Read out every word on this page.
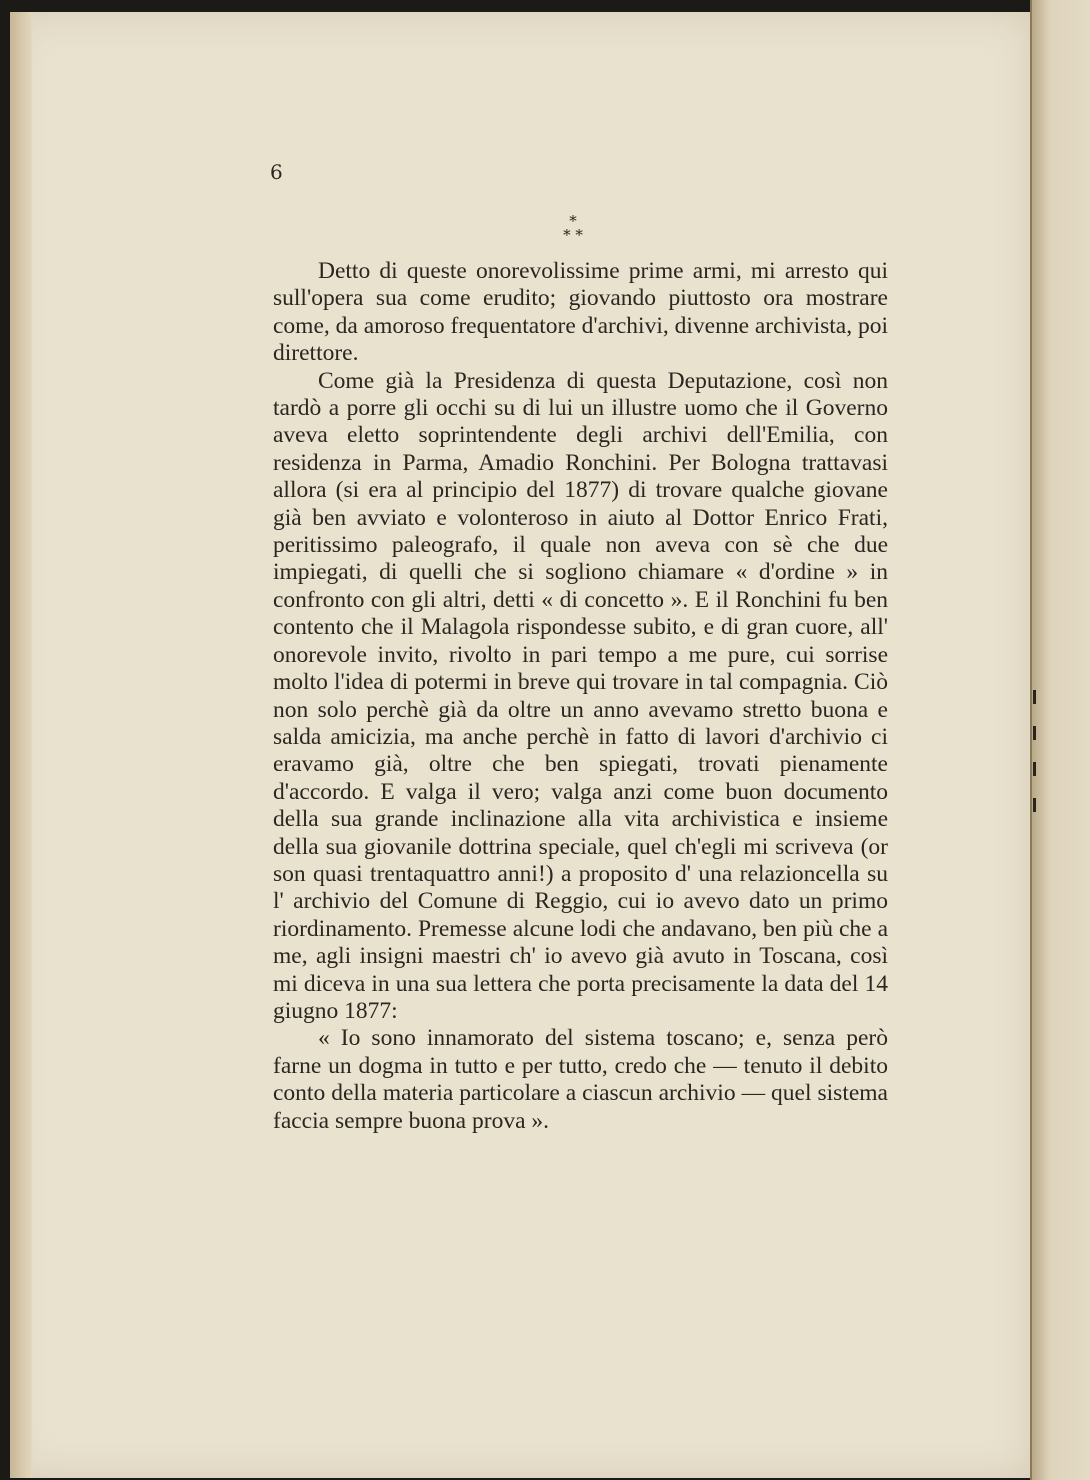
6
*
* *

Detto di queste onorevolissime prime armi, mi arresto qui sull'opera sua come erudito; giovando piuttosto ora mostrare come, da amoroso frequentatore d'archivi, divenne archivista, poi direttore.

Come già la Presidenza di questa Deputazione, così non tardò a porre gli occhi su di lui un illustre uomo che il Governo aveva eletto soprintendente degli archivi dell'Emilia, con residenza in Parma, Amadio Ronchini. Per Bologna trattavasi allora (si era al principio del 1877) di trovare qualche giovane già ben avviato e volonteroso in aiuto al Dottor Enrico Frati, peritissimo paleografo, il quale non aveva con sè che due impiegati, di quelli che si sogliono chiamare « d'ordine » in confronto con gli altri, detti « di concetto ». E il Ronchini fu ben contento che il Malagola rispondesse subito, e di gran cuore, all' onorevole invito, rivolto in pari tempo a me pure, cui sorrise molto l'idea di potermi in breve qui trovare in tal compagnia. Ciò non solo perchè già da oltre un anno avevamo stretto buona e salda amicizia, ma anche perchè in fatto di lavori d'archivio ci eravamo già, oltre che ben spiegati, trovati pienamente d'accordo. E valga il vero; valga anzi come buon documento della sua grande inclinazione alla vita archivistica e insieme della sua giovanile dottrina speciale, quel ch'egli mi scriveva (or son quasi trentaquattro anni!) a proposito d' una relazioncella su l' archivio del Comune di Reggio, cui io avevo dato un primo riordinamento. Premesse alcune lodi che andavano, ben più che a me, agli insigni maestri ch' io avevo già avuto in Toscana, così mi diceva in una sua lettera che porta precisamente la data del 14 giugno 1877:

« Io sono innamorato del sistema toscano; e, senza però farne un dogma in tutto e per tutto, credo che — tenuto il debito conto della materia particolare a ciascun archivio — quel sistema faccia sempre buona prova ».
